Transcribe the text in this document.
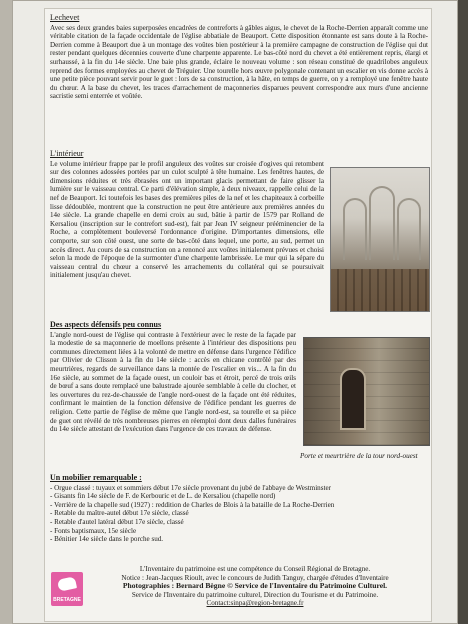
Lechevet

Avec ses deux grandes baies superposées encadrées de contreforts à gâbles aigus, le chevet de la Roche-Derrien apparaît comme une véritable citation de la façade occidentale de l'église abbatiale de Beauport. Cette disposition étonnante est sans doute à la Roche-Derrien comme à Beauport due à un montage des voûtes bien postérieur à la première campagne de construction de l'église qui dut rester pendant quelques décennies couverte d'une charpente apparente. Le bas-côté nord du chevet a été entièrement repris, élargi et surhaussé, à la fin du 14e siècle. Une baie plus grande, éclaire le nouveau volume : son réseau constitué de quadrilobes anguleux reprend des formes employées au chevet de Tréguier. Une tourelle hors œuvre polygonale contenant un escalier en vis donne accès à une petite pièce pouvant servir pour le guet : lors de sa construction, à la hâte, en temps de guerre, on y a remployé une fenêtre haute du chœur. A la base du chevet, les traces d'arrachement de maçonneries disparues peuvent correspondre aux murs d'une ancienne sacristie semi enterrée et voûtée.

L'intérieur

Le volume intérieur frappe par le profil anguleux des voûtes sur croisée d'ogives qui retombent sur des colonnes adossées portées par un culot sculpté à tête humaine. Les fenêtres hautes, de dimensions réduites et très ébrasées ont un important glacis permettant de faire glisser la lumière sur le vaisseau central. Ce parti d'élévation simple, à deux niveaux, rappelle celui de la nef de Beauport. Ici toutefois les bases des premières piles de la nef et les chapiteaux à corbeille lisse dédoublée, montrent que la construction ne peut être antérieure aux premières années du 14e siècle. La grande chapelle en demi croix au sud, bâtie à partir de 1579 par Rolland de Kersaliou (inscription sur le contrefort sud-est), fait par Jean IV seigneur prééminencier de la Roche, a complètement bouleversé l'ordonnance d'origine. D'importantes dimensions, elle comporte, sur son côté ouest, une sorte de bas-côté dans lequel, une porte, au sud, permet un accès direct. Au cours de sa construction on a renoncé aux voûtes initialement prévues et choisi selon la mode de l'époque de la surmonter d'une charpente lambrissée. Le mur qui la sépare du vaisseau central du chœur a conservé les arrachements du collatéral qui se poursuivait initialement jusqu'au chevet.

Des aspects défensifs peu connus

L'angle nord-ouest de l'église qui contraste à l'extérieur avec le reste de la façade par la modestie de sa maçonnerie de moellons présente à l'intérieur des dispositions peu communes directement liées à la volonté de mettre en défense dans l'urgence l'édifice par Olivier de Clisson à la fin du 14e siècle : accès en chicane contrôlé par des meurtrières, regards de surveillance dans la montée de l'escalier en vis... A la fin du 16e siècle, au sommet de la façade ouest, un couloir bas et étroit, percé de trois œils de bœuf a sans doute remplacé une balustrade ajourée semblable à celle du clocher, et les ouvertures du rez-de-chaussée de l'angle nord-ouest de la façade ont été réduites, confirmant le maintien de la fonction défensive de l'édifice pendant les guerres de religion. Cette partie de l'église de même que l'angle nord-est, sa tourelle et sa pièce de guet ont révélé de très nombreuses pierres en réemploi dont deux dalles funéraires du 14e siècle attestant de l'exécution dans l'urgence de ces travaux de défense.

Porte et meurtrière de la tour nord-ouest
Un mobilier remarquable :
- Orgue classé : tuyaux et sommiers début 17e siècle provenant du jubé de l'abbaye de Westminster
- Gisants fin 14e siècle de F. de Kerbouric et de L. de Kersaliou (chapelle nord)
- Verrière de la chapelle sud (1927) : reddition de Charles de Blois à la bataille de La Roche-Derrien
- Retable du maître-autel début 17e siècle, classé
- Retable d'autel latéral début 17e siècle, classé
- Fonts baptismaux, 15e siècle
- Bénitier 14e siècle dans le porche sud.
BRETAGNE
L'Inventaire du patrimoine est une compétence du Conseil Régional de Bretagne.
Notice : Jean-Jacques Rioult, avec le concours de Judith Tanguy, chargée d'études d'Inventaire
Photographies : Bernard Bègne © Service de l'Inventaire du Patrimoine Culturel.
Service de l'Inventaire du patrimoine culturel, Direction du Tourisme et du Patrimoine.
Contact:sinpa@region-bretagne.fr
